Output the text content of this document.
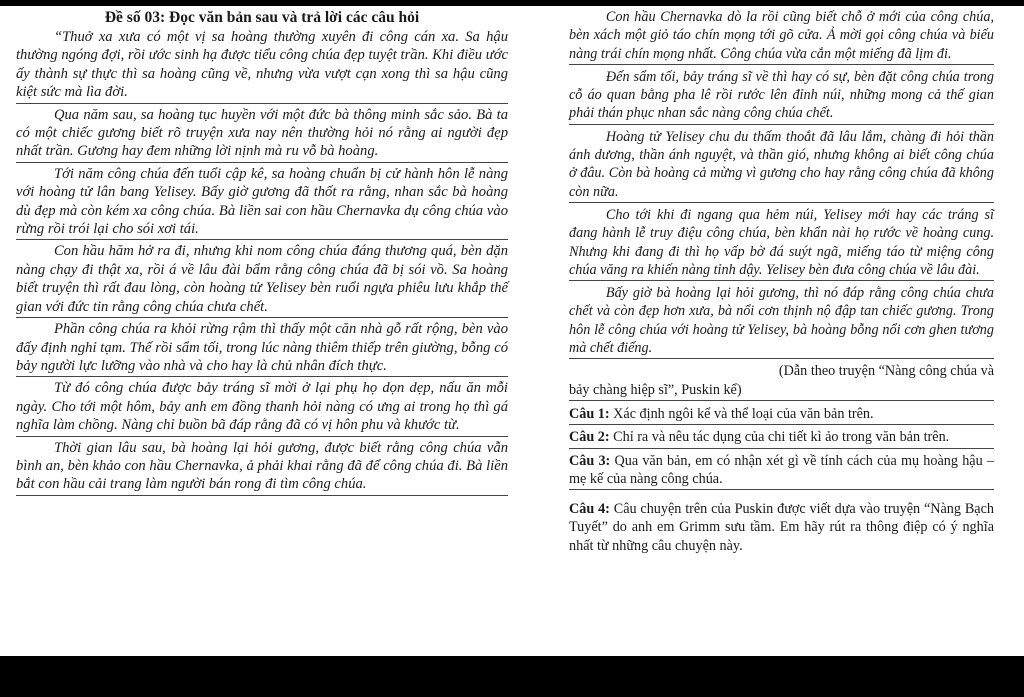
Đề số 03: Đọc văn bản sau và trả lời các câu hỏi
“Thuở xa xưa có một vị sa hoàng thường xuyên đi công cán xa. Sa hậu thường ngóng đợi, rồi ước sinh hạ được tiểu công chúa đẹp tuyệt trần. Khi điều ước ấy thành sự thực thì sa hoàng cũng về, nhưng vừa vượt cạn xong thì sa hậu cũng kiệt sức mà lìa đời.
Qua năm sau, sa hoàng tục huyền với một đức bà thông minh sắc sảo. Bà ta có một chiếc gương biết rõ truyện xưa nay nên thường hỏi nó rằng ai người đẹp nhất trần. Gương hay đem những lời nịnh mà ru vỗ bà hoàng.
Tới năm công chúa đến tuổi cập kê, sa hoàng chuẩn bị cử hành hôn lễ nàng với hoàng tử lân bang Yelisey. Bấy giờ gương đã thốt ra rằng, nhan sắc bà hoàng dù đẹp mà còn kém xa công chúa. Bà liền sai con hầu Chernavka dụ công chúa vào rừng rồi trói lại cho sói xơi tái.
Con hầu hăm hở ra đi, nhưng khi nom công chúa đáng thương quá, bèn dặn nàng chạy đi thật xa, rồi á về lâu đài bẩm rằng công chúa đã bị sói vồ. Sa hoàng biết truyện thì rất đau lòng, còn hoàng tử Yelisey bèn ruổi ngựa phiêu lưu khắp thế gian với đức tin rằng công chúa chưa chết.
Phần công chúa ra khỏi rừng rậm thì thấy một căn nhà gỗ rất rộng, bèn vào đấy định nghỉ tạm. Thế rồi sẩm tối, trong lúc nàng thiêm thiếp trên giường, bỗng có bảy người lực lưỡng vào nhà và cho hay là chủ nhân đích thực.
Từ đó công chúa được bảy tráng sĩ mời ở lại phụ họ dọn dẹp, nấu ăn mỗi ngày. Cho tới một hôm, bảy anh em đồng thanh hỏi nàng có ưng ai trong họ thì gá nghĩa làm chồng. Nàng chỉ buồn bã đáp rằng đã có vị hôn phu và khước từ.
Thời gian lâu sau, bà hoàng lại hỏi gương, được biết rằng công chúa vẫn bình an, bèn khảo con hầu Chernavka, ả phải khai rằng đã để công chúa đi. Bà liền bắt con hầu cải trang làm người bán rong đi tìm công chúa.
Con hầu Chernavka dò la rồi cũng biết chỗ ở mới của công chúa, bèn xách một giỏ táo chín mọng tới gõ cửa. Ả mời gọi công chúa và biếu nàng trái chín mọng nhất. Công chúa vừa cắn một miếng đã lịm đi.
Đến sẩm tối, bảy tráng sĩ về thì hay có sự, bèn đặt công chúa trong cỗ áo quan bằng pha lê rồi rước lên đỉnh núi, những mong cả thế gian phải thán phục nhan sắc nàng công chúa chết.
Hoàng tử Yelisey chu du thấm thoắt đã lâu lắm, chàng đi hỏi thần ánh dương, thần ánh nguyệt, và thần gió, nhưng không ai biết công chúa ở đâu. Còn bà hoàng cả mừng vì gương cho hay rằng công chúa đã không còn nữa.
Cho tới khi đi ngang qua hẻm núi, Yelisey mới hay các tráng sĩ đang hành lễ truy điệu công chúa, bèn khẩn nài họ rước về hoàng cung. Nhưng khi đang đi thì họ vấp bờ đá suýt ngã, miếng táo từ miệng công chúa văng ra khiến nàng tỉnh dậy. Yelisey bèn đưa công chúa về lâu đài.
Bấy giờ bà hoàng lại hỏi gương, thì nó đáp rằng công chúa chưa chết và còn đẹp hơn xưa, bà nổi cơn thịnh nộ đập tan chiếc gương. Trong hôn lễ công chúa với hoàng tử Yelisey, bà hoàng bỗng nổi cơn ghen tương mà chết điếng.
(Dẫn theo truyện “Nàng công chúa và
bảy chàng hiệp sĩ”, Puskin kể)
Câu 1: Xác định ngôi kể và thể loại của văn bản trên.
Câu 2: Chỉ ra và nêu tác dụng của chi tiết kì ảo trong văn bản trên.
Câu 3: Qua văn bản, em có nhận xét gì về tính cách của mụ hoàng hậu – mẹ kế của nàng công chúa.
Câu 4: Câu chuyện trên của Puskin được viết dựa vào truyện “Nàng Bạch Tuyết” do anh em Grimm sưu tầm. Em hãy rút ra thông điệp có ý nghĩa nhất từ những câu chuyện này.
